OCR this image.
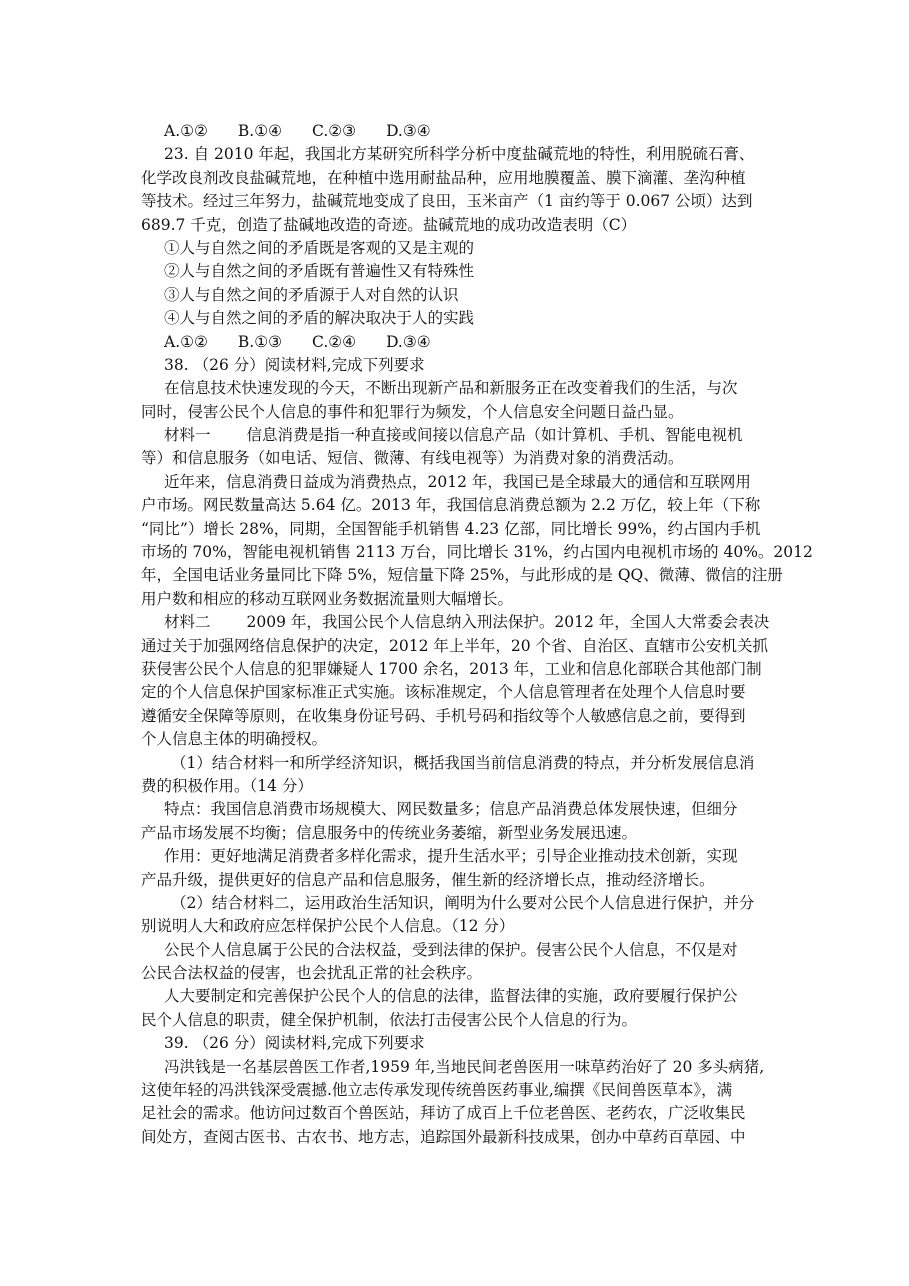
A.①② B.①④ C.②③ D.③④
23. 自 2010 年起，我国北方某研究所科学分析中度盐碱荒地的特性，利用脱硫石膏、
化学改良剂改良盐碱荒地，在种植中选用耐盐品种，应用地膜覆盖、膜下滴灌、垄沟种植
等技术。经过三年努力，盐碱荒地变成了良田，玉米亩产（1 亩约等于 0.067 公顷）达到
689.7 千克，创造了盐碱地改造的奇迹。盐碱荒地的成功改造表明（C）
①人与自然之间的矛盾既是客观的又是主观的
②人与自然之间的矛盾既有普遍性又有特殊性
③人与自然之间的矛盾源于人对自然的认识
④人与自然之间的矛盾的解决取决于人的实践
A.①② B.①③ C.②④ D.③④
38. （26 分）阅读材料,完成下列要求
在信息技术快速发现的今天，不断出现新产品和新服务正在改变着我们的生活，与次
同时，侵害公民个人信息的事件和犯罪行为频发，个人信息安全问题日益凸显。
材料一 信息消费是指一种直接或间接以信息产品（如计算机、手机、智能电视机
等）和信息服务（如电话、短信、微薄、有线电视等）为消费对象的消费活动。
近年来，信息消费日益成为消费热点，2012 年，我国已是全球最大的通信和互联网用
户市场。网民数量高达 5.64 亿。2013 年，我国信息消费总额为 2.2 万亿，较上年（下称
“同比”）增长 28%，同期，全国智能手机销售 4.23 亿部，同比增长 99%，约占国内手机
市场的 70%，智能电视机销售 2113 万台，同比增长 31%，约占国内电视机市场的 40%。2012
年，全国电话业务量同比下降 5%，短信量下降 25%，与此形成的是 QQ、微薄、微信的注册
用户数和相应的移动互联网业务数据流量则大幅增长。
材料二 2009 年，我国公民个人信息纳入刑法保护。2012 年，全国人大常委会表决
通过关于加强网络信息保护的决定，2012 年上半年，20 个省、自治区、直辖市公安机关抓
获侵害公民个人信息的犯罪嫌疑人 1700 余名，2013 年，工业和信息化部联合其他部门制
定的个人信息保护国家标准正式实施。该标准规定，个人信息管理者在处理个人信息时要
遵循安全保障等原则，在收集身份证号码、手机号码和指纹等个人敏感信息之前，要得到
个人信息主体的明确授权。
（1）结合材料一和所学经济知识，概括我国当前信息消费的特点，并分析发展信息消
费的积极作用。（14 分）
特点：我国信息消费市场规模大、网民数量多；信息产品消费总体发展快速，但细分
产品市场发展不均衡；信息服务中的传统业务萎缩，新型业务发展迅速。
作用：更好地满足消费者多样化需求，提升生活水平；引导企业推动技术创新，实现
产品升级，提供更好的信息产品和信息服务，催生新的经济增长点，推动经济增长。
（2）结合材料二，运用政治生活知识，阐明为什么要对公民个人信息进行保护，并分
别说明人大和政府应怎样保护公民个人信息。（12 分）
公民个人信息属于公民的合法权益，受到法律的保护。侵害公民个人信息，不仅是对
公民合法权益的侵害，也会扰乱正常的社会秩序。
人大要制定和完善保护公民个人的信息的法律，监督法律的实施，政府要履行保护公
民个人信息的职责，健全保护机制，依法打击侵害公民个人信息的行为。
39. （26 分）阅读材料,完成下列要求
冯洪钱是一名基层兽医工作者,1959 年,当地民间老兽医用一味草药治好了 20 多头病猪,
这使年轻的冯洪钱深受震撼.他立志传承发现传统兽医药事业,编撰《民间兽医草本》，满
足社会的需求。他访问过数百个兽医站，拜访了成百上千位老兽医、老药农，广泛收集民
间处方，查阅古医书、古农书、地方志，追踪国外最新科技成果，创办中草药百草园、中
